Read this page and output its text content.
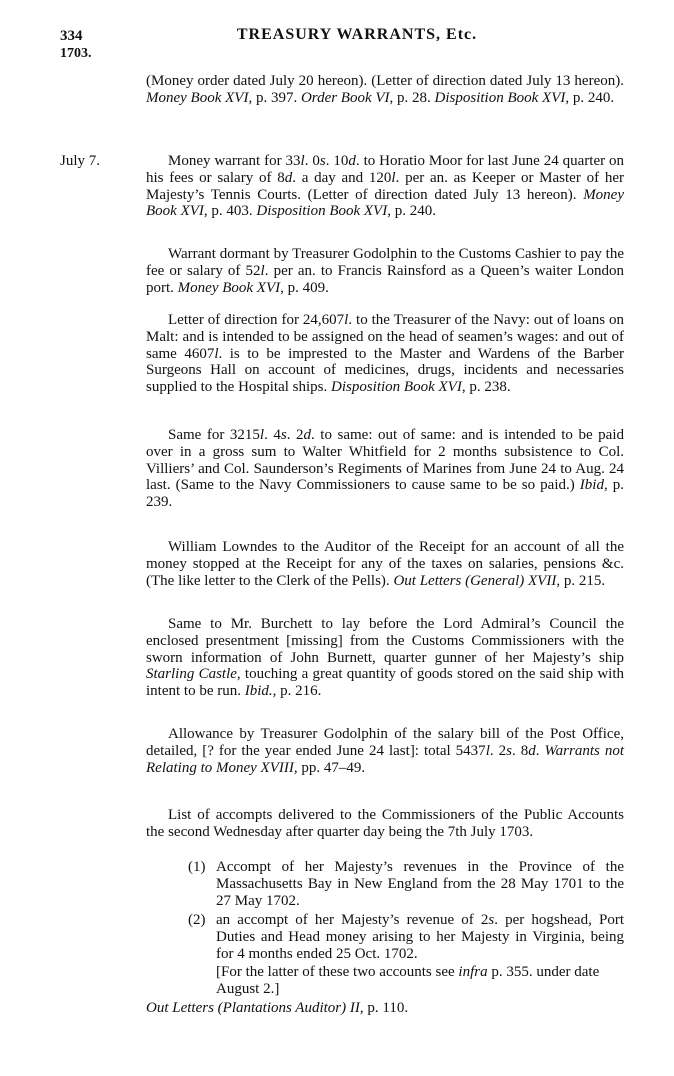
334	TREASURY WARRANTS, Etc.
1703.
(Money order dated July 20 hereon). (Letter of direction dated July 13 hereon). Money Book XVI, p. 397. Order Book VI, p. 28. Disposition Book XVI, p. 240.
July 7.	Money warrant for 33l. 0s. 10d. to Horatio Moor for last June 24 quarter on his fees or salary of 8d. a day and 120l. per an. as Keeper or Master of her Majesty’s Tennis Courts. (Letter of direction dated July 13 hereon). Money Book XVI, p. 403. Disposition Book XVI, p. 240.
Warrant dormant by Treasurer Godolphin to the Customs Cashier to pay the fee or salary of 52l. per an. to Francis Rainsford as a Queen’s waiter London port. Money Book XVI, p. 409.
Letter of direction for 24,607l. to the Treasurer of the Navy: out of loans on Malt: and is intended to be assigned on the head of seamen’s wages: and out of same 4607l. is to be imprested to the Master and Wardens of the Barber Surgeons Hall on account of medicines, drugs, incidents and necessaries supplied to the Hospital ships. Disposition Book XVI, p. 238.
Same for 3215l. 4s. 2d. to same: out of same: and is intended to be paid over in a gross sum to Walter Whitfield for 2 months subsistence to Col. Villiers’ and Col. Saunderson’s Regiments of Marines from June 24 to Aug. 24 last. (Same to the Navy Commissioners to cause same to be so paid.) Ibid, p. 239.
William Lowndes to the Auditor of the Receipt for an account of all the money stopped at the Receipt for any of the taxes on salaries, pensions &c. (The like letter to the Clerk of the Pells). Out Letters (General) XVII, p. 215.
Same to Mr. Burchett to lay before the Lord Admiral’s Council the enclosed presentment [missing] from the Customs Commissioners with the sworn information of John Burnett, quarter gunner of her Majesty’s ship Starling Castle, touching a great quantity of goods stored on the said ship with intent to be run. Ibid., p. 216.
Allowance by Treasurer Godolphin of the salary bill of the Post Office, detailed, [? for the year ended June 24 last]: total 5437l. 2s. 8d. Warrants not Relating to Money XVIII, pp. 47–49.
List of accompts delivered to the Commissioners of the Public Accounts the second Wednesday after quarter day being the 7th July 1703.
(1) Accompt of her Majesty’s revenues in the Province of the Massachusetts Bay in New England from the 28 May 1701 to the 27 May 1702.
(2) an accompt of her Majesty’s revenue of 2s. per hogshead, Port Duties and Head money arising to her Majesty in Virginia, being for 4 months ended 25 Oct. 1702.
[For the latter of these two accounts see infra p. 355. under date August 2.]
Out Letters (Plantations Auditor) II, p. 110.
